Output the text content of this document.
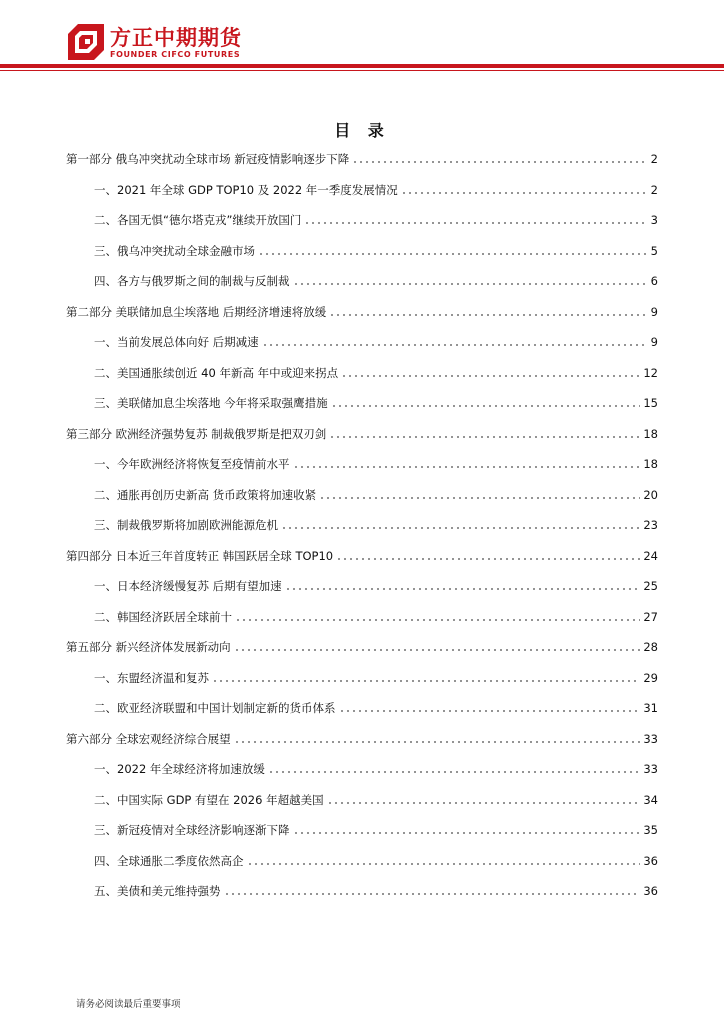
方正中期期货
FOUNDER CIFCO FUTURES
目 录
第一部分 俄乌冲突扰动全球市场 新冠疫情影响逐步下降	2
一、2021 年全球 GDP TOP10 及 2022 年一季度发展情况	2
二、各国无惧“德尔塔克戎”继续开放国门	3
三、俄乌冲突扰动全球金融市场	5
四、各方与俄罗斯之间的制裁与反制裁	6
第二部分 美联储加息尘埃落地 后期经济增速将放缓	9
一、当前发展总体向好 后期减速	9
二、美国通胀续创近 40 年新高 年中或迎来拐点	12
三、美联储加息尘埃落地 今年将采取强鹰措施	15
第三部分 欧洲经济强势复苏 制裁俄罗斯是把双刃剑	18
一、今年欧洲经济将恢复至疫情前水平	18
二、通胀再创历史新高 货币政策将加速收紧	20
三、制裁俄罗斯将加剧欧洲能源危机	23
第四部分 日本近三年首度转正 韩国跃居全球 TOP10	24
一、日本经济缓慢复苏 后期有望加速	25
二、韩国经济跃居全球前十	27
第五部分 新兴经济体发展新动向	28
一、东盟经济温和复苏	29
二、欧亚经济联盟和中国计划制定新的货币体系	31
第六部分 全球宏观经济综合展望	33
一、2022 年全球经济将加速放缓	33
二、中国实际 GDP 有望在 2026 年超越美国	34
三、新冠疫情对全球经济影响逐渐下降	35
四、全球通胀二季度依然高企	36
五、美债和美元维持强势	36
请务必阅读最后重要事项
